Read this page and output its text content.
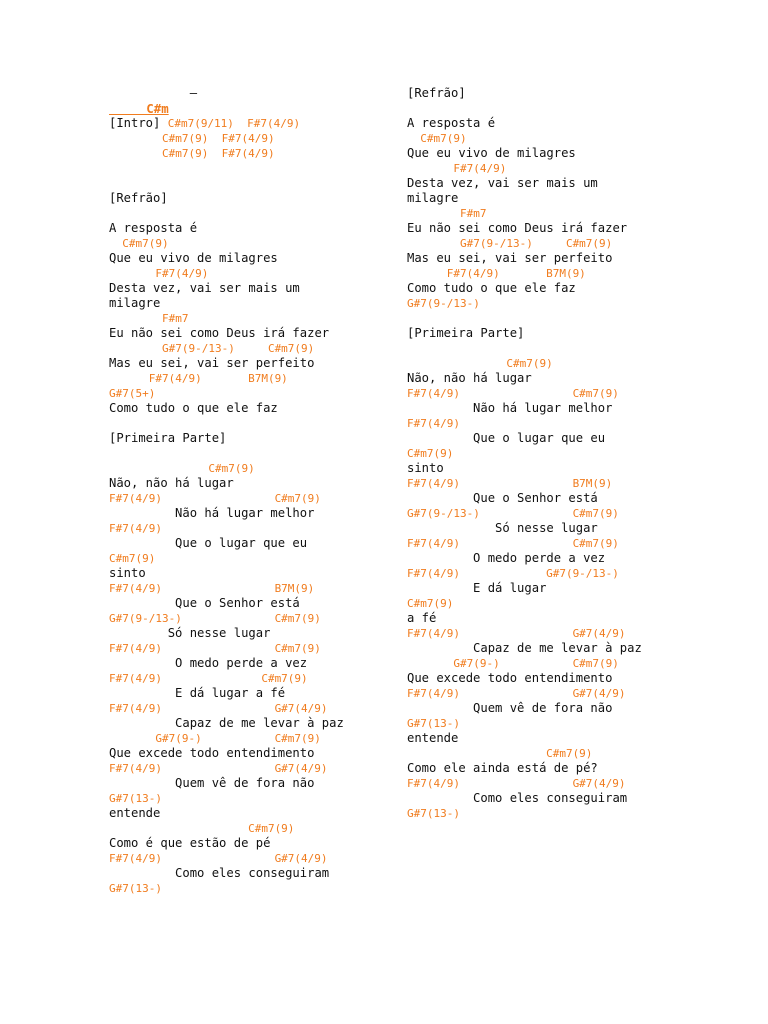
–
C#m
[Intro] C#m7(9/11)  F#7(4/9)
C#m7(9)  F#7(4/9)
C#m7(9)  F#7(4/9)
[Refrão]
A resposta é
C#m7(9)
Que eu vivo de milagres
F#7(4/9)
Desta vez, vai ser mais um
milagre
F#m7
Eu não sei como Deus irá fazer
G#7(9-/13-)     C#m7(9)
Mas eu sei, vai ser perfeito
F#7(4/9)       B7M(9)
G#7(5+)
Como tudo o que ele faz
[Primeira Parte]
C#m7(9)
Não, não há lugar
F#7(4/9)                 C#m7(9)
Não há lugar melhor
F#7(4/9)
Que o lugar que eu
C#m7(9)
sinto
F#7(4/9)                 B7M(9)
Que o Senhor está
G#7(9-/13-)              C#m7(9)
Só nesse lugar
F#7(4/9)                 C#m7(9)
O medo perde a vez
F#7(4/9)               C#m7(9)
E dá lugar a fé
F#7(4/9)                 G#7(4/9)
Capaz de me levar à paz
G#7(9-)           C#m7(9)
Que excede todo entendimento
F#7(4/9)                 G#7(4/9)
Quem vê de fora não
G#7(13-)
entende
C#m7(9)
Como é que estão de pé
F#7(4/9)                 G#7(4/9)
Como eles conseguiram
G#7(13-)
[Refrão]
A resposta é
C#m7(9)
Que eu vivo de milagres
F#7(4/9)
Desta vez, vai ser mais um
milagre
F#m7
Eu não sei como Deus irá fazer
G#7(9-/13-)     C#m7(9)
Mas eu sei, vai ser perfeito
F#7(4/9)       B7M(9)
Como tudo o que ele faz
G#7(9-/13-)
[Primeira Parte]
C#m7(9)
Não, não há lugar
F#7(4/9)                 C#m7(9)
Não há lugar melhor
F#7(4/9)
Que o lugar que eu
C#m7(9)
sinto
F#7(4/9)                 B7M(9)
Que o Senhor está
G#7(9-/13-)              C#m7(9)
Só nesse lugar
F#7(4/9)                 C#m7(9)
O medo perde a vez
F#7(4/9)             G#7(9-/13-)
E dá lugar
C#m7(9)
a fé
F#7(4/9)                 G#7(4/9)
Capaz de me levar à paz
G#7(9-)           C#m7(9)
Que excede todo entendimento
F#7(4/9)                 G#7(4/9)
Quem vê de fora não
G#7(13-)
entende
C#m7(9)
Como ele ainda está de pé?
F#7(4/9)                 G#7(4/9)
Como eles conseguiram
G#7(13-)
